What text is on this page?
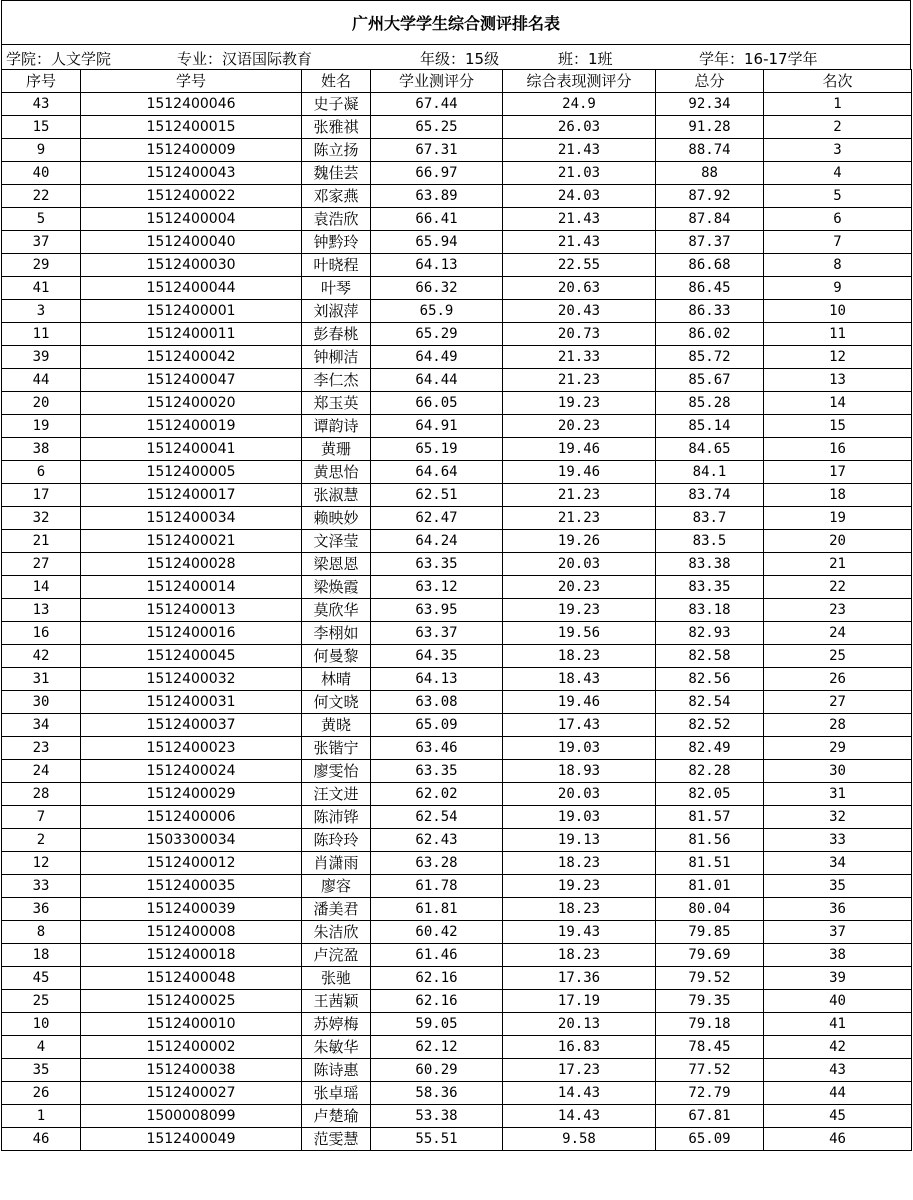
广州大学学生综合测评排名表
学院：人文学院	专业：汉语国际教育	年级：15级	班：1班	学年：16-17学年
序号	学号	姓名	学业测评分	综合表现测评分	总分	名次
43	1512400046	史子凝	67.44	24.9	92.34	1
15	1512400015	张雅祺	65.25	26.03	91.28	2
9	1512400009	陈立扬	67.31	21.43	88.74	3
40	1512400043	魏佳芸	66.97	21.03	88	4
22	1512400022	邓家燕	63.89	24.03	87.92	5
5	1512400004	袁浩欣	66.41	21.43	87.84	6
37	1512400040	钟黔玲	65.94	21.43	87.37	7
29	1512400030	叶晓程	64.13	22.55	86.68	8
41	1512400044	叶琴	66.32	20.63	86.45	9
3	1512400001	刘淑萍	65.9	20.43	86.33	10
11	1512400011	彭春桃	65.29	20.73	86.02	11
39	1512400042	钟柳洁	64.49	21.33	85.72	12
44	1512400047	李仁杰	64.44	21.23	85.67	13
20	1512400020	郑玉英	66.05	19.23	85.28	14
19	1512400019	谭韵诗	64.91	20.23	85.14	15
38	1512400041	黄珊	65.19	19.46	84.65	16
6	1512400005	黄思怡	64.64	19.46	84.1	17
17	1512400017	张淑慧	62.51	21.23	83.74	18
32	1512400034	赖映妙	62.47	21.23	83.7	19
21	1512400021	文泽莹	64.24	19.26	83.5	20
27	1512400028	梁恩恩	63.35	20.03	83.38	21
14	1512400014	梁焕霞	63.12	20.23	83.35	22
13	1512400013	莫欣华	63.95	19.23	83.18	23
16	1512400016	李栩如	63.37	19.56	82.93	24
42	1512400045	何曼黎	64.35	18.23	82.58	25
31	1512400032	林晴	64.13	18.43	82.56	26
30	1512400031	何文晓	63.08	19.46	82.54	27
34	1512400037	黄晓	65.09	17.43	82.52	28
23	1512400023	张锴宁	63.46	19.03	82.49	29
24	1512400024	廖雯怡	63.35	18.93	82.28	30
28	1512400029	汪文进	62.02	20.03	82.05	31
7	1512400006	陈沛铧	62.54	19.03	81.57	32
2	1503300034	陈玲玲	62.43	19.13	81.56	33
12	1512400012	肖潇雨	63.28	18.23	81.51	34
33	1512400035	廖容	61.78	19.23	81.01	35
36	1512400039	潘美君	61.81	18.23	80.04	36
8	1512400008	朱洁欣	60.42	19.43	79.85	37
18	1512400018	卢浣盈	61.46	18.23	79.69	38
45	1512400048	张驰	62.16	17.36	79.52	39
25	1512400025	王茜颖	62.16	17.19	79.35	40
10	1512400010	苏婷梅	59.05	20.13	79.18	41
4	1512400002	朱敏华	62.12	16.83	78.45	42
35	1512400038	陈诗惠	60.29	17.23	77.52	43
26	1512400027	张卓瑶	58.36	14.43	72.79	44
1	1500008099	卢楚瑜	53.38	14.43	67.81	45
46	1512400049	范雯慧	55.51	9.58	65.09	46
